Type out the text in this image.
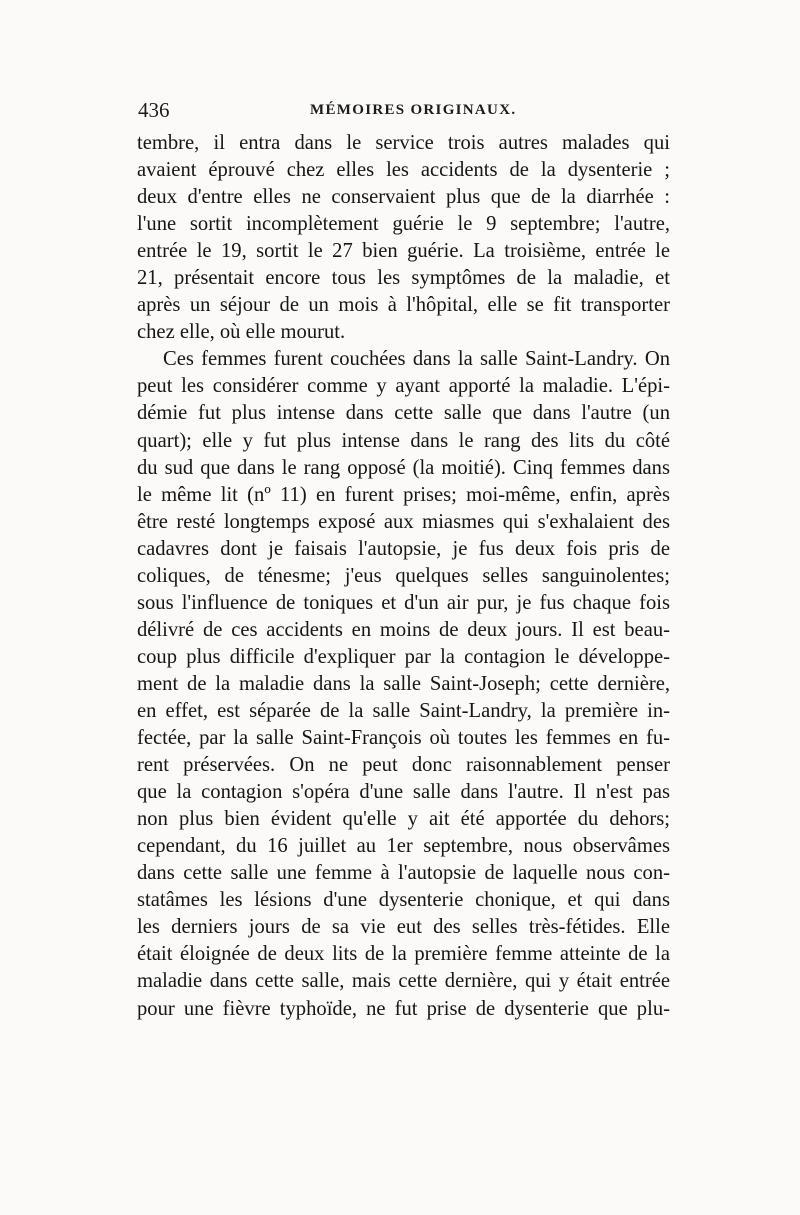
436	MÉMOIRES ORIGINAUX.
tembre, il entra dans le service trois autres malades qui
avaient éprouvé chez elles les accidents de la dysenterie ;
deux d'entre elles ne conservaient plus que de la diarrhée :
l'une sortit incomplètement guérie le 9 septembre; l'autre,
entrée le 19, sortit le 27 bien guérie. La troisième, entrée le
21, présentait encore tous les symptômes de la maladie, et
après un séjour de un mois à l'hôpital, elle se fit transporter
chez elle, où elle mourut.
Ces femmes furent couchées dans la salle Saint-Landry. On
peut les considérer comme y ayant apporté la maladie. L'épi-
démie fut plus intense dans cette salle que dans l'autre (un
quart); elle y fut plus intense dans le rang des lits du côté
du sud que dans le rang opposé (la moitié). Cinq femmes dans
le même lit (nº 11) en furent prises; moi-même, enfin, après
être resté longtemps exposé aux miasmes qui s'exhalaient des
cadavres dont je faisais l'autopsie, je fus deux fois pris de
coliques, de ténesme; j'eus quelques selles sanguinolentes;
sous l'influence de toniques et d'un air pur, je fus chaque fois
délivré de ces accidents en moins de deux jours. Il est beau-
coup plus difficile d'expliquer par la contagion le développe-
ment de la maladie dans la salle Saint-Joseph; cette dernière,
en effet, est séparée de la salle Saint-Landry, la première in-
fectée, par la salle Saint-François où toutes les femmes en fu-
rent préservées. On ne peut donc raisonnablement penser
que la contagion s'opéra d'une salle dans l'autre. Il n'est pas
non plus bien évident qu'elle y ait été apportée du dehors;
cependant, du 16 juillet au 1er septembre, nous observâmes
dans cette salle une femme à l'autopsie de laquelle nous con-
statâmes les lésions d'une dysenterie chonique, et qui dans
les derniers jours de sa vie eut des selles très-fétides. Elle
était éloignée de deux lits de la première femme atteinte de la
maladie dans cette salle, mais cette dernière, qui y était entrée
pour une fièvre typhoïde, ne fut prise de dysenterie que plu-
